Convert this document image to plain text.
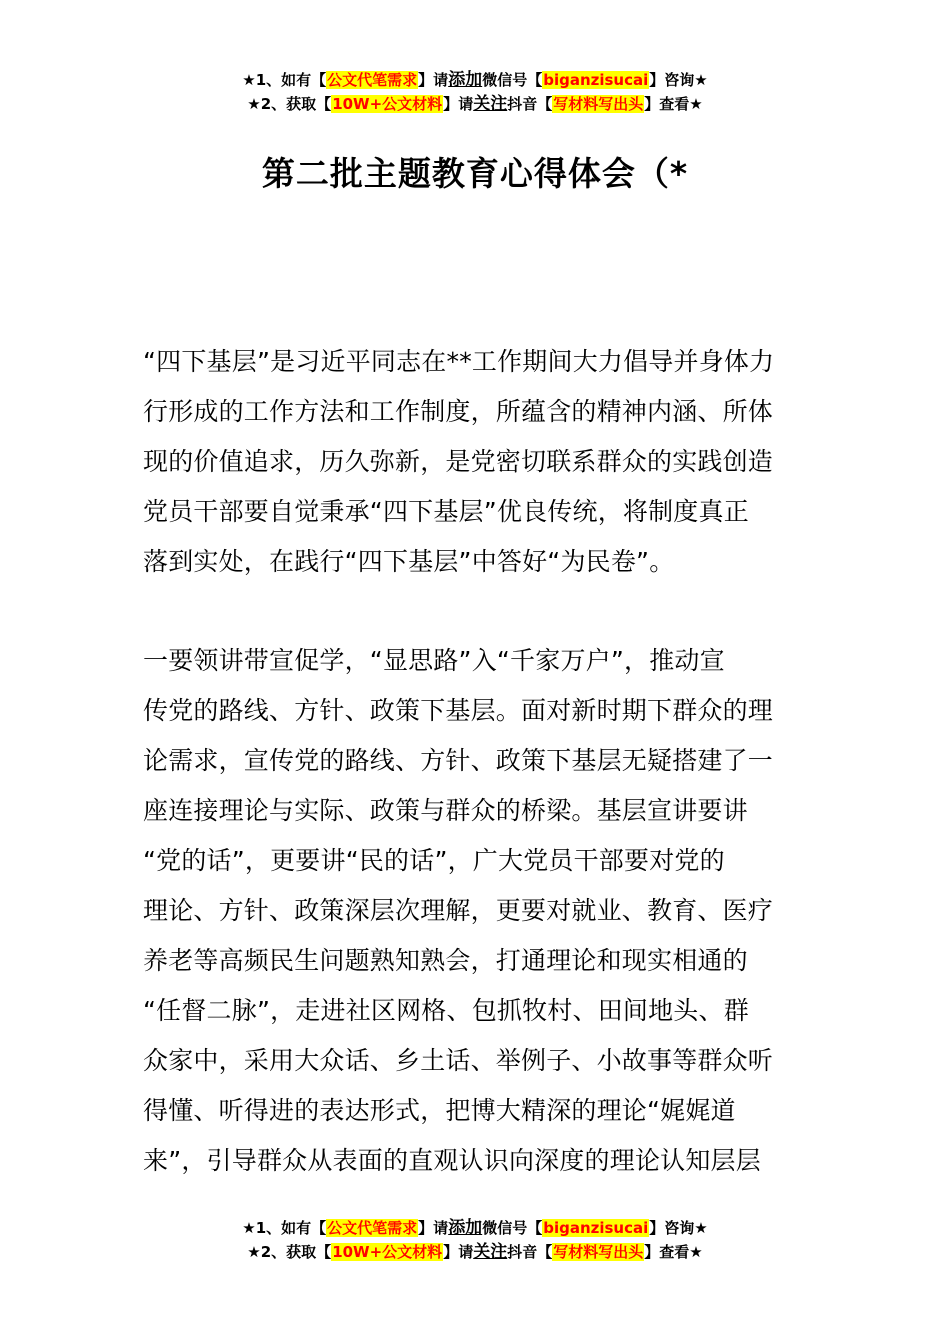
★1、如有【公文代笔需求】请添加微信号【biganzisucai】咨询★
★2、获取【10W+公文材料】请关注抖音【写材料写出头】查看★
第二批主题教育心得体会（*
“四下基层”是习近平同志在**工作期间大力倡导并身体力
行形成的工作方法和工作制度，所蕴含的精神内涵、所体
现的价值追求，历久弥新，是党密切联系群众的实践创造
党员干部要自觉秉承“四下基层”优良传统，将制度真正
落到实处，在践行“四下基层”中答好“为民卷”。
一要领讲带宣促学，“显思路”入“千家万户”，推动宣
传党的路线、方针、政策下基层。面对新时期下群众的理
论需求，宣传党的路线、方针、政策下基层无疑搭建了一
座连接理论与实际、政策与群众的桥梁。基层宣讲要讲
“党的话”，更要讲“民的话”，广大党员干部要对党的
理论、方针、政策深层次理解，更要对就业、教育、医疗
养老等高频民生问题熟知熟会，打通理论和现实相通的
“任督二脉”，走进社区网格、包抓牧村、田间地头、群
众家中，采用大众话、乡土话、举例子、小故事等群众听
得懂、听得进的表达形式，把博大精深的理论“娓娓道
来”，引导群众从表面的直观认识向深度的理论认知层层
★1、如有【公文代笔需求】请添加微信号【biganzisucai】咨询★
★2、获取【10W+公文材料】请关注抖音【写材料写出头】查看★
